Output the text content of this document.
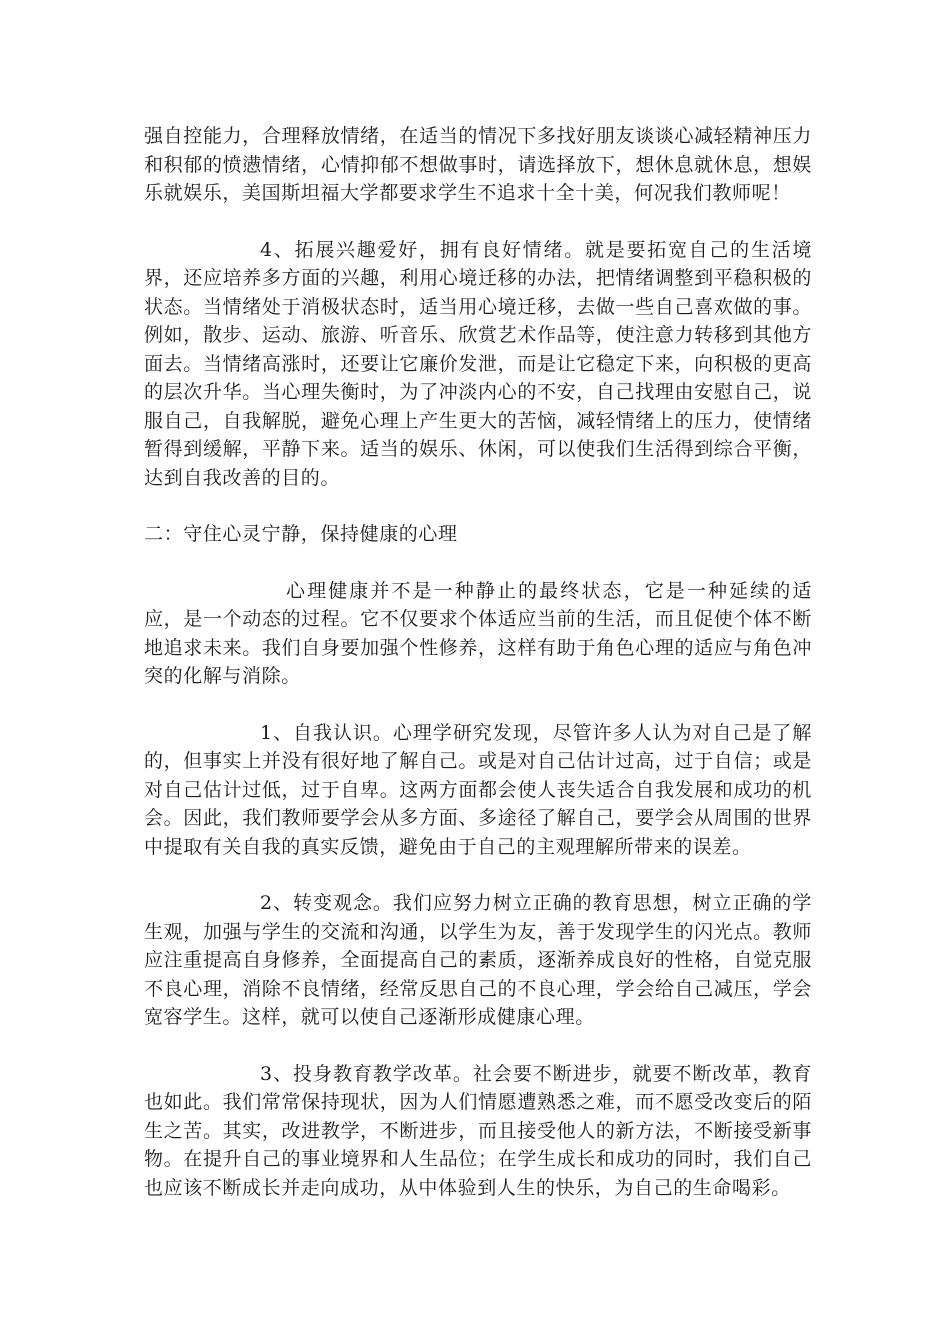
强自控能力，合理释放情绪，在适当的情况下多找好朋友谈谈心减轻精神压力和积郁的愤懑情绪，心情抑郁不想做事时，请选择放下，想休息就休息，想娱乐就娱乐，美国斯坦福大学都要求学生不追求十全十美，何况我们教师呢！

4、拓展兴趣爱好，拥有良好情绪。就是要拓宽自己的生活境界，还应培养多方面的兴趣，利用心境迁移的办法，把情绪调整到平稳积极的状态。当情绪处于消极状态时，适当用心境迁移，去做一些自己喜欢做的事。例如，散步、运动、旅游、听音乐、欣赏艺术作品等，使注意力转移到其他方面去。当情绪高涨时，还要让它廉价发泄，而是让它稳定下来，向积极的更高的层次升华。当心理失衡时，为了冲淡内心的不安，自己找理由安慰自己，说服自己，自我解脱，避免心理上产生更大的苦恼，减轻情绪上的压力，使情绪暂得到缓解，平静下来。适当的娱乐、休闲，可以使我们生活得到综合平衡，达到自我改善的目的。

二：守住心灵宁静，保持健康的心理

心理健康并不是一种静止的最终状态，它是一种延续的适应，是一个动态的过程。它不仅要求个体适应当前的生活，而且促使个体不断地追求未来。我们自身要加强个性修养，这样有助于角色心理的适应与角色冲突的化解与消除。

1、自我认识。心理学研究发现，尽管许多人认为对自己是了解的，但事实上并没有很好地了解自己。或是对自己估计过高，过于自信；或是对自己估计过低，过于自卑。这两方面都会使人丧失适合自我发展和成功的机会。因此，我们教师要学会从多方面、多途径了解自己，要学会从周围的世界中提取有关自我的真实反馈，避免由于自己的主观理解所带来的误差。

2、转变观念。我们应努力树立正确的教育思想，树立正确的学生观，加强与学生的交流和沟通，以学生为友，善于发现学生的闪光点。教师应注重提高自身修养，全面提高自己的素质，逐渐养成良好的性格，自觉克服不良心理，消除不良情绪，经常反思自己的不良心理，学会给自己减压，学会宽容学生。这样，就可以使自己逐渐形成健康心理。

3、投身教育教学改革。社会要不断进步，就要不断改革，教育也如此。我们常常保持现状，因为人们情愿遭熟悉之难，而不愿受改变后的陌生之苦。其实，改进教学，不断进步，而且接受他人的新方法，不断接受新事物。在提升自己的事业境界和人生品位；在学生成长和成功的同时，我们自己也应该不断成长并走向成功，从中体验到人生的快乐，为自己的生命喝彩。
